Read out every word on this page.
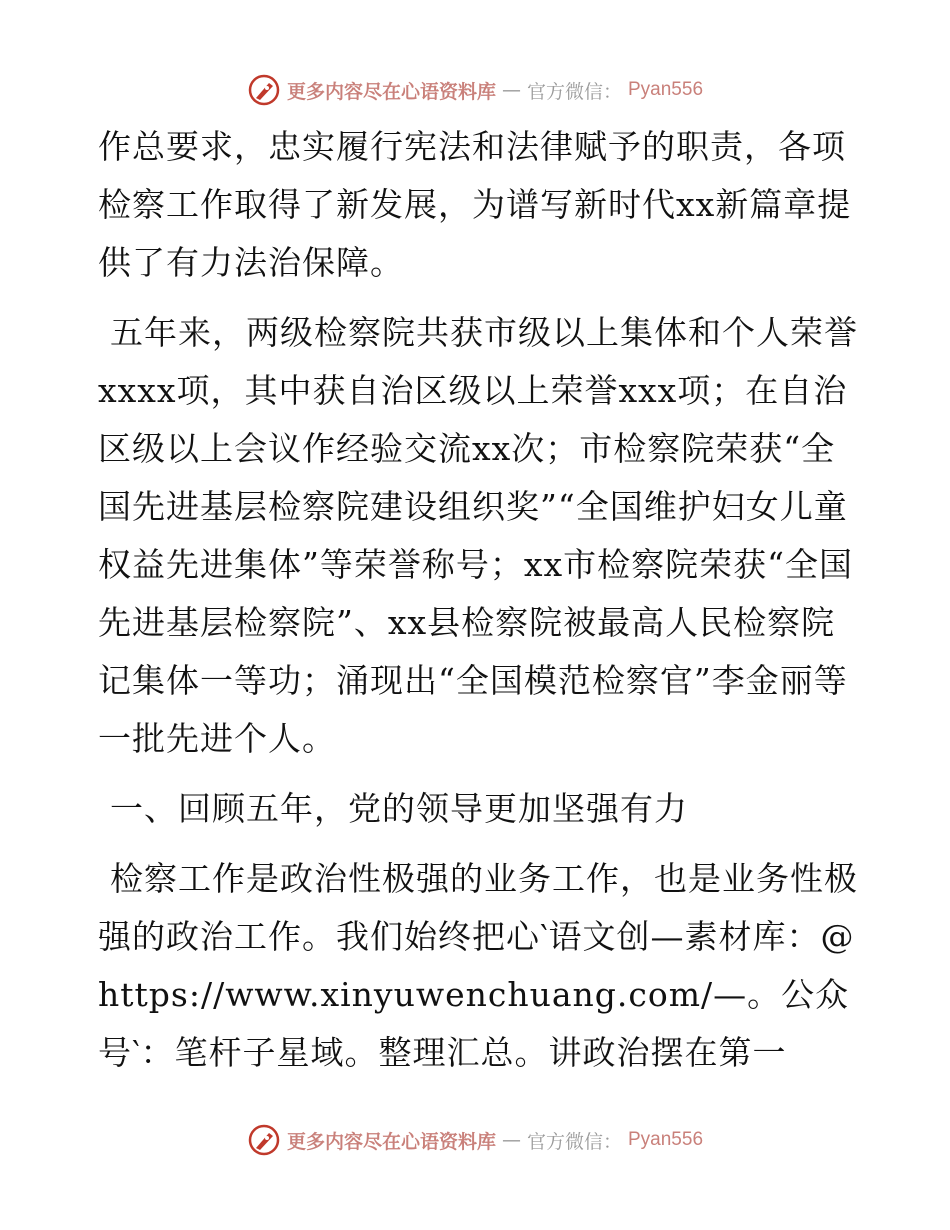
更多内容尽在心语资料库 — 官方微信： Pyan556

作总要求，忠实履行宪法和法律赋予的职责，各项检察工作取得了新发展，为谱写新时代xx新篇章提供了有力法治保障。

五年来，两级检察院共获市级以上集体和个人荣誉xxxx项，其中获自治区级以上荣誉xxx项；在自治区级以上会议作经验交流xx次；市检察院荣获“全国先进基层检察院建设组织奖”“全国维护妇女儿童权益先进集体”等荣誉称号；xx市检察院荣获“全国先进基层检察院”、xx县检察院被最高人民检察院记集体一等功；涌现出“全国模范检察官”李金丽等一批先进个人。

一、回顾五年，党的领导更加坚强有力

检察工作是政治性极强的业务工作，也是业务性极强的政治工作。我们始终把心‵语文创—素材库：@https://www.xinyuwenchuang.com/—。公众号‵：笔杆子星域。整理汇总。讲政治摆在第一

更多内容尽在心语资料库 — 官方微信： Pyan556
